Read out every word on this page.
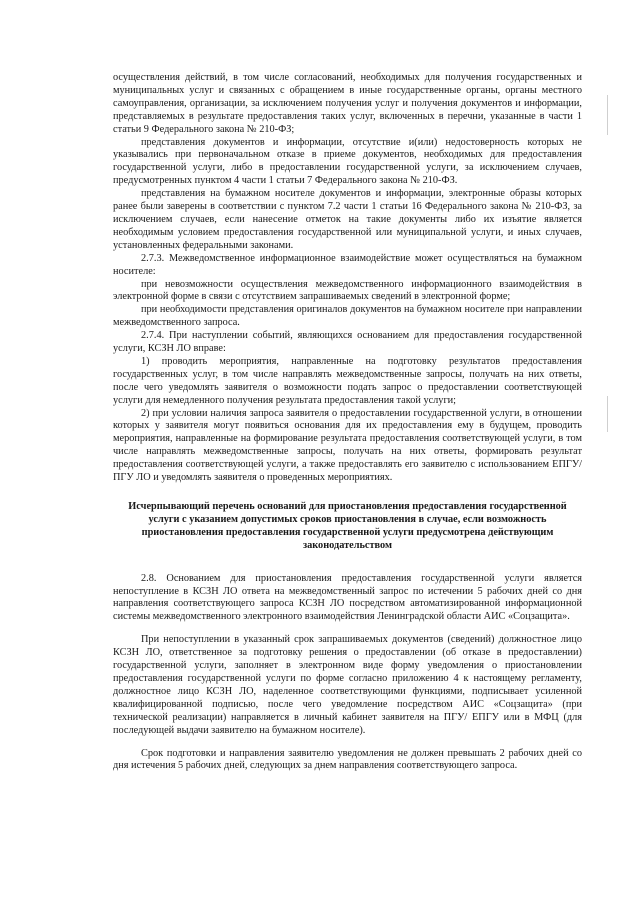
осуществления действий, в том числе согласований, необходимых для получения государственных и муниципальных услуг и связанных с обращением в иные государственные органы, органы местного самоуправления, организации, за исключением получения услуг и получения документов и информации, представляемых в результате предоставления таких услуг, включенных в перечни, указанные в части 1 статьи 9 Федерального закона № 210-ФЗ;

представления документов и информации, отсутствие и(или) недостоверность которых не указывались при первоначальном отказе в приеме документов, необходимых для предоставления государственной услуги, либо в предоставлении государственной услуги, за исключением случаев, предусмотренных пунктом 4 части 1 статьи 7 Федерального закона № 210-ФЗ.

представления на бумажном носителе документов и информации, электронные образы которых ранее были заверены в соответствии с пунктом 7.2 части 1 статьи 16 Федерального закона № 210-ФЗ, за исключением случаев, если нанесение отметок на такие документы либо их изъятие является необходимым условием предоставления государственной или муниципальной услуги, и иных случаев, установленных федеральными законами.

2.7.3. Межведомственное информационное взаимодействие может осуществляться на бумажном носителе:

при невозможности осуществления межведомственного информационного взаимодействия в электронной форме в связи с отсутствием запрашиваемых сведений в электронной форме;

при необходимости представления оригиналов документов на бумажном носителе при направлении межведомственного запроса.

2.7.4. При наступлении событий, являющихся основанием для предоставления государственной услуги, КСЗН ЛО вправе:

1) проводить мероприятия, направленные на подготовку результатов предоставления государственных услуг, в том числе направлять межведомственные запросы, получать на них ответы, после чего уведомлять заявителя о возможности подать запрос о предоставлении соответствующей услуги для немедленного получения результата предоставления такой услуги;

2) при условии наличия запроса заявителя о предоставлении государственной услуги, в отношении которых у заявителя могут появиться основания для их предоставления ему в будущем, проводить мероприятия, направленные на формирование результата предоставления соответствующей услуги, в том числе направлять межведомственные запросы, получать на них ответы, формировать результат предоставления соответствующей услуги, а также предоставлять его заявителю с использованием ЕПГУ/ПГУ ЛО и уведомлять заявителя о проведенных мероприятиях.

Исчерпывающий перечень оснований для приостановления предоставления государственной услуги с указанием допустимых сроков приостановления в случае, если возможность приостановления предоставления государственной услуги предусмотрена действующим законодательством

2.8. Основанием для приостановления предоставления государственной услуги является непоступление в КСЗН ЛО ответа на межведомственный запрос по истечении 5 рабочих дней со дня направления соответствующего запроса КСЗН ЛО посредством автоматизированной информационной системы межведомственного электронного взаимодействия Ленинградской области АИС «Соцзащита».

При непоступлении в указанный срок запрашиваемых документов (сведений) должностное лицо КСЗН ЛО, ответственное за подготовку решения о предоставлении (об отказе в предоставлении) государственной услуги, заполняет в электронном виде форму уведомления о приостановлении предоставления государственной услуги по форме согласно приложению 4 к настоящему регламенту, должностное лицо КСЗН ЛО, наделенное соответствующими функциями, подписывает усиленной квалифицированной подписью, после чего уведомление посредством АИС «Соцзащита» (при технической реализации) направляется в личный кабинет заявителя на ПГУ/ ЕПГУ или в МФЦ (для последующей выдачи заявителю на бумажном носителе).

Срок подготовки и направления заявителю уведомления не должен превышать 2 рабочих дней со дня истечения 5 рабочих дней, следующих за днем направления соответствующего запроса.
